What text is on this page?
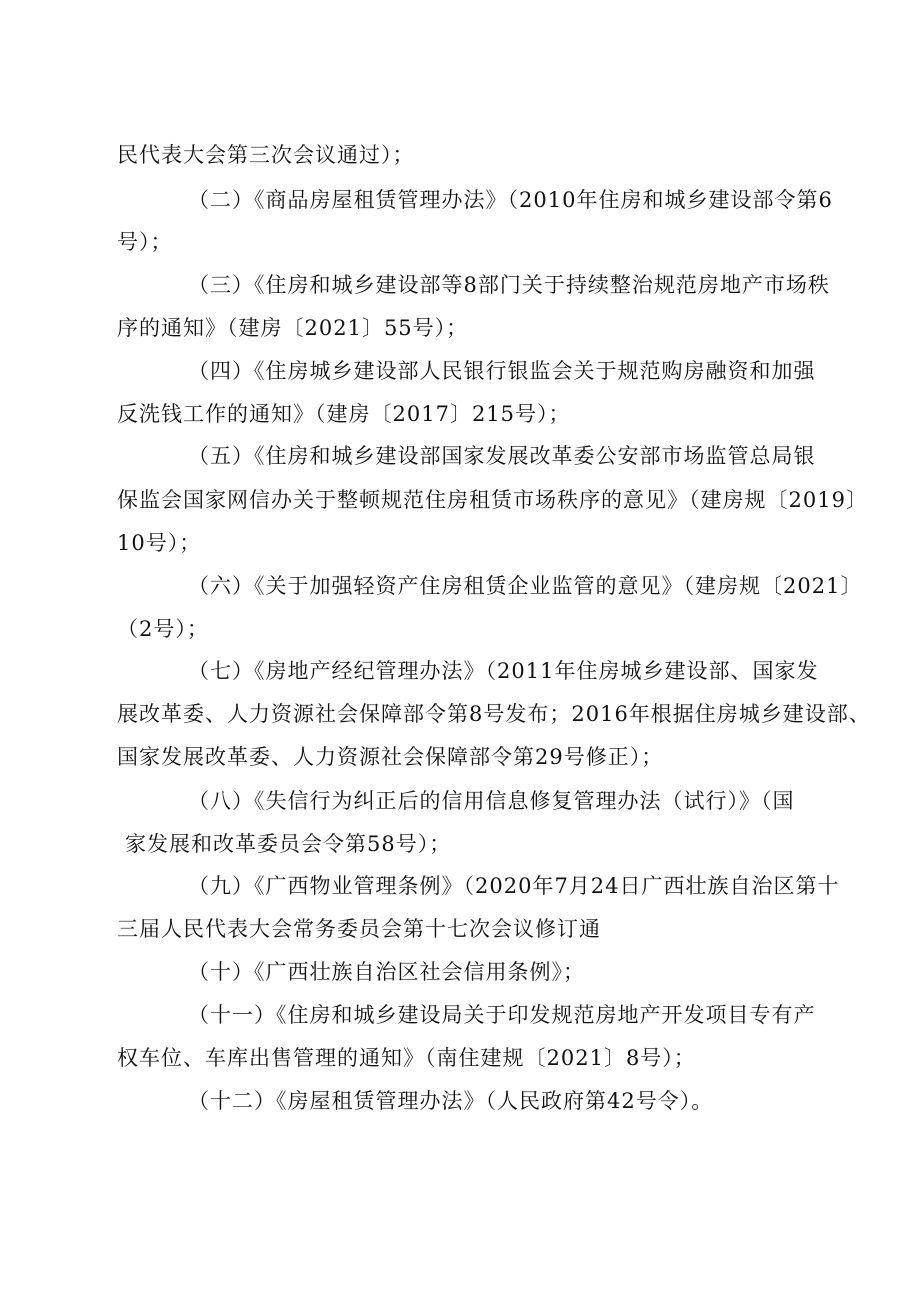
民代表大会第三次会议通过）；
（二）《商品房屋租赁管理办法》（2010年住房和城乡建设部令第6
号）；
（三）《住房和城乡建设部等8部门关于持续整治规范房地产市场秩
序的通知》（建房〔2021〕55号）；
（四）《住房城乡建设部人民银行银监会关于规范购房融资和加强
反洗钱工作的通知》（建房〔2017〕215号）；
（五）《住房和城乡建设部国家发展改革委公安部市场监管总局银
保监会国家网信办关于整顿规范住房租赁市场秩序的意见》（建房规〔2019〕
10号）；
（六）《关于加强轻资产住房租赁企业监管的意见》（建房规〔2021〕
（2号）；
（七）《房地产经纪管理办法》（2011年住房城乡建设部、国家发
展改革委、人力资源社会保障部令第8号发布；2016年根据住房城乡建设部、
国家发展改革委、人力资源社会保障部令第29号修正）；
（八）《失信行为纠正后的信用信息修复管理办法（试行）》（国
家发展和改革委员会令第58号）；
（九）《广西物业管理条例》（2020年7月24日广西壮族自治区第十
三届人民代表大会常务委员会第十七次会议修订通
（十）《广西壮族自治区社会信用条例》；
（十一）《住房和城乡建设局关于印发规范房地产开发项目专有产
权车位、车库出售管理的通知》（南住建规〔2021〕8号）；
（十二）《房屋租赁管理办法》（人民政府第42号令）。
